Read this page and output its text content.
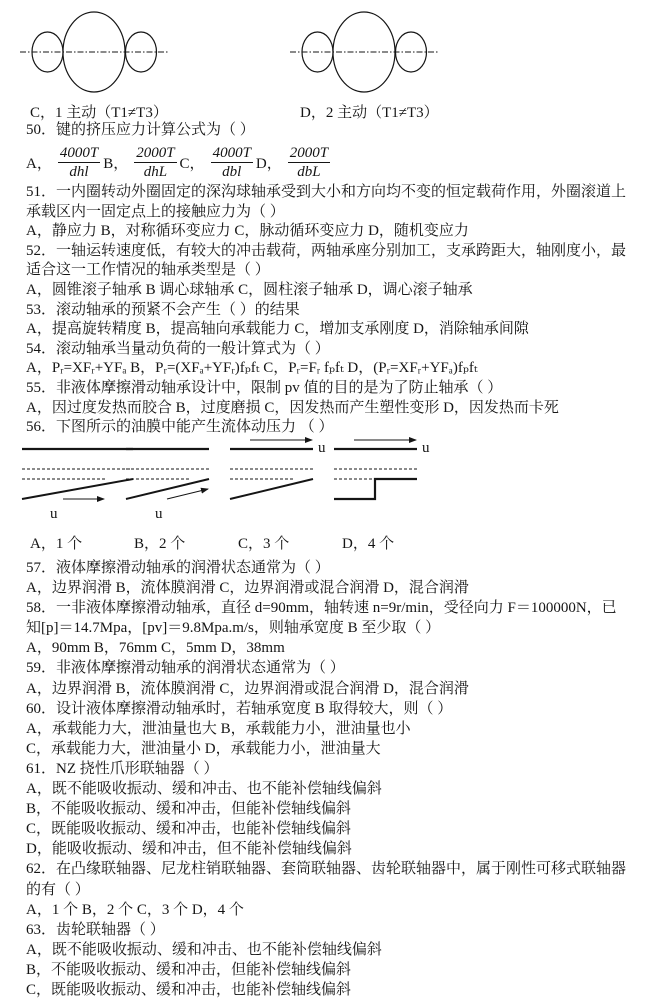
C，1 主动（T1≠T3）	D，2 主动（T1≠T3）
50．键的挤压应力计算公式为（ ）
A， $\frac{4000T}{\text{dhl}}$ B， $\frac{2000T}{\text{dhL}}$ C， $\frac{4000T}{\text{dbl}}$ D， $\frac{2000T}{\text{dbL}}$
51．一内圈转动外圈固定的深沟球轴承受到大小和方向均不变的恒定载荷作用，外圈滚道上
承载区内一固定点上的接触应力为（ ）
A，静应力 B，对称循环变应力 C，脉动循环变应力 D，随机变应力
52．一轴运转速度低，有较大的冲击载荷，两轴承座分别加工，支承跨距大，轴刚度小，最
适合这一工作情况的轴承类型是（ ）
A，圆锥滚子轴承 B 调心球轴承 C，圆柱滚子轴承 D，调心滚子轴承
53．滚动轴承的预紧不会产生（ ）的结果
A，提高旋转精度 B，提高轴向承载能力 C，增加支承刚度 D，消除轴承间隙
54．滚动轴承当量动负荷的一般计算式为（ ）
A，Pᵣ=XFᵣ+YFₐ B，Pᵣ=(XFₐ+YFᵣ)fₚfₜ C，Pᵣ=Fᵣ fₚfₜ D，(Pᵣ=XFᵣ+YFₐ)fₚfₜ
55．非液体摩擦滑动轴承设计中，限制 pv 值的目的是为了防止轴承（ ）
A，因过度发热而胶合 B，过度磨损 C，因发热而产生塑性变形 D，因发热而卡死
56．下图所示的油膜中能产生流体动压力 （ ）
u	u
u	u
A，1 个	B，2 个	C，3 个	D，4 个
57．液体摩擦滑动轴承的润滑状态通常为（ ）
A，边界润滑 B，流体膜润滑 C，边界润滑或混合润滑 D，混合润滑
58．一非液体摩擦滑动轴承，直径 d=90mm，轴转速 n=9r/min，受径向力 F＝100000N，已
知[p]＝14.7Mpa，[pv]＝9.8Mpa.m/s，则轴承宽度 B 至少取（ ）
A，90mm B，76mm C，5mm D，38mm
59．非液体摩擦滑动轴承的润滑状态通常为（ ）
A，边界润滑 B，流体膜润滑 C，边界润滑或混合润滑 D，混合润滑
60．设计液体摩擦滑动轴承时，若轴承宽度 B 取得较大，则（ ）
A，承载能力大，泄油量也大 B，承载能力小，泄油量也小
C，承载能力大，泄油量小 D，承载能力小，泄油量大
61．NZ 挠性爪形联轴器（ ）
A，既不能吸收振动、缓和冲击、也不能补偿轴线偏斜
B，不能吸收振动、缓和冲击，但能补偿轴线偏斜
C，既能吸收振动、缓和冲击，也能补偿轴线偏斜
D，能吸收振动、缓和冲击，但不能补偿轴线偏斜
62．在凸缘联轴器、尼龙柱销联轴器、套筒联轴器、齿轮联轴器中，属于刚性可移式联轴器
的有（ ）
A，1 个 B，2 个 C，3 个 D，4 个
63．齿轮联轴器（ ）
A，既不能吸收振动、缓和冲击、也不能补偿轴线偏斜
B，不能吸收振动、缓和冲击，但能补偿轴线偏斜
C，既能吸收振动、缓和冲击，也能补偿轴线偏斜
